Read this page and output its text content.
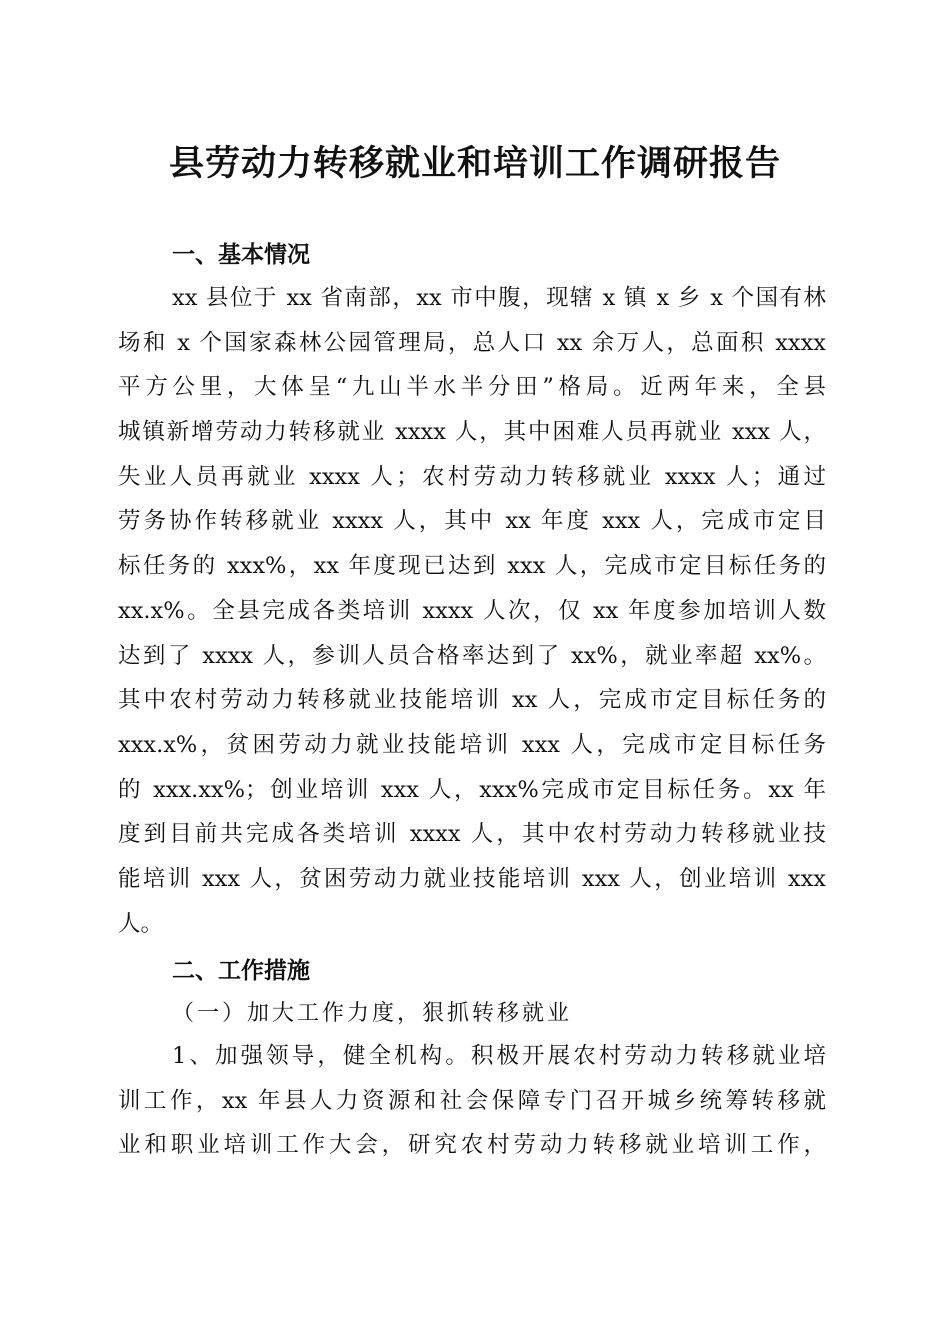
县劳动力转移就业和培训工作调研报告
一、基本情况
xx 县位于 xx 省南部，xx 市中腹，现辖 x 镇 x 乡 x 个国有林
场和 x 个国家森林公园管理局，总人口 xx 余万人，总面积 xxxx
平方公里，大体呈“九山半水半分田”格局。近两年来，全县
城镇新增劳动力转移就业 xxxx 人，其中困难人员再就业 xxx 人，
失业人员再就业 xxxx 人；农村劳动力转移就业 xxxx 人；通过
劳务协作转移就业 xxxx 人，其中 xx 年度 xxx 人，完成市定目
标任务的 xxx%，xx 年度现已达到 xxx 人，完成市定目标任务的
xx.x%。全县完成各类培训 xxxx 人次，仅 xx 年度参加培训人数
达到了 xxxx 人，参训人员合格率达到了 xx%，就业率超 xx%。
其中农村劳动力转移就业技能培训 xx 人，完成市定目标任务的
xxx.x%，贫困劳动力就业技能培训 xxx 人，完成市定目标任务
的 xxx.xx%；创业培训 xxx 人，xxx%完成市定目标任务。xx 年
度到目前共完成各类培训 xxxx 人，其中农村劳动力转移就业技
能培训 xxx 人，贫困劳动力就业技能培训 xxx 人，创业培训 xxx
人。
二、工作措施
（一）加大工作力度，狠抓转移就业
1、加强领导，健全机构。积极开展农村劳动力转移就业培
训工作，xx 年县人力资源和社会保障专门召开城乡统筹转移就
业和职业培训工作大会，研究农村劳动力转移就业培训工作，
